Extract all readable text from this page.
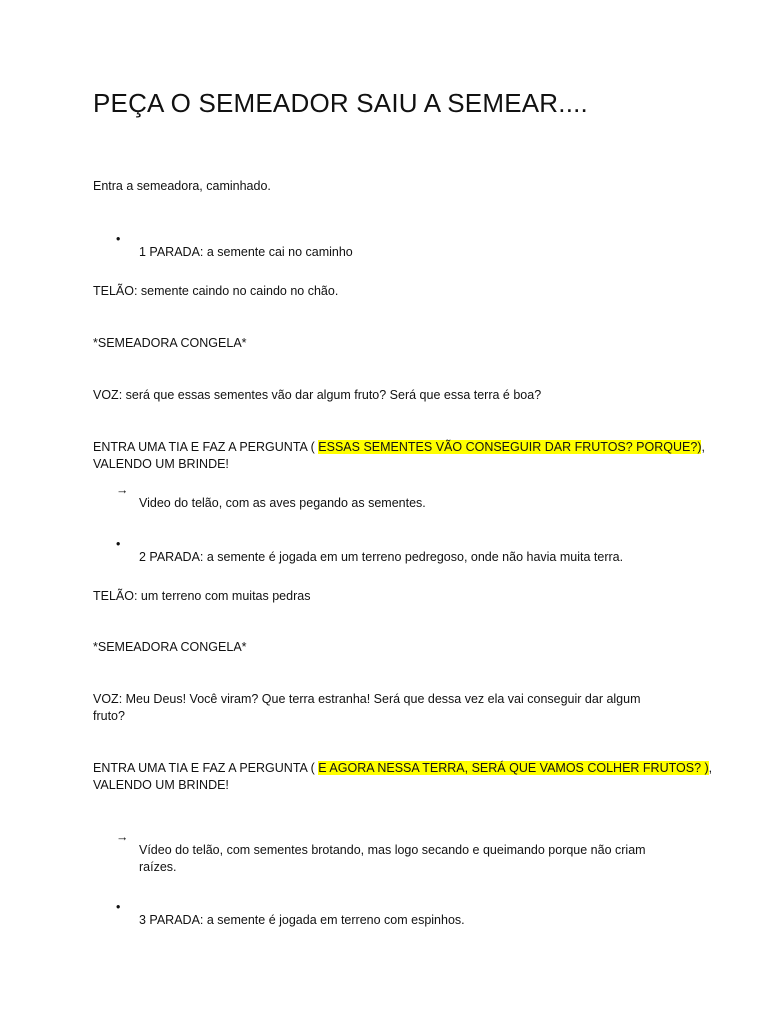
PEÇA O SEMEADOR SAIU A SEMEAR....

Entra a semeadora, caminhado.

•

1 PARADA: a semente cai no caminho

TELÃO: semente caindo no caindo no chão.

*SEMEADORA CONGELA*

VOZ: será que essas sementes vão dar algum fruto? Será que essa terra é boa?

ENTRA UMA TIA E FAZ A PERGUNTA ( ESSAS SEMENTES VÃO CONSEGUIR DAR FRUTOS? PORQUE?),

VALENDO UM BRINDE!

→

Video do telão, com as aves pegando as sementes.

•

2 PARADA: a semente é jogada em um terreno pedregoso, onde não havia muita terra.

TELÃO: um terreno com muitas pedras

*SEMEADORA CONGELA*

VOZ: Meu Deus! Você viram? Que terra estranha! Será que dessa vez ela vai conseguir dar algum

fruto?

ENTRA UMA TIA E FAZ A PERGUNTA ( E AGORA NESSA TERRA, SERÁ QUE VAMOS COLHER FRUTOS? ),

VALENDO UM BRINDE!

→

Vídeo do telão, com sementes brotando, mas logo secando e queimando porque não criam

raízes.

•

3 PARADA: a semente é jogada em terreno com espinhos.
